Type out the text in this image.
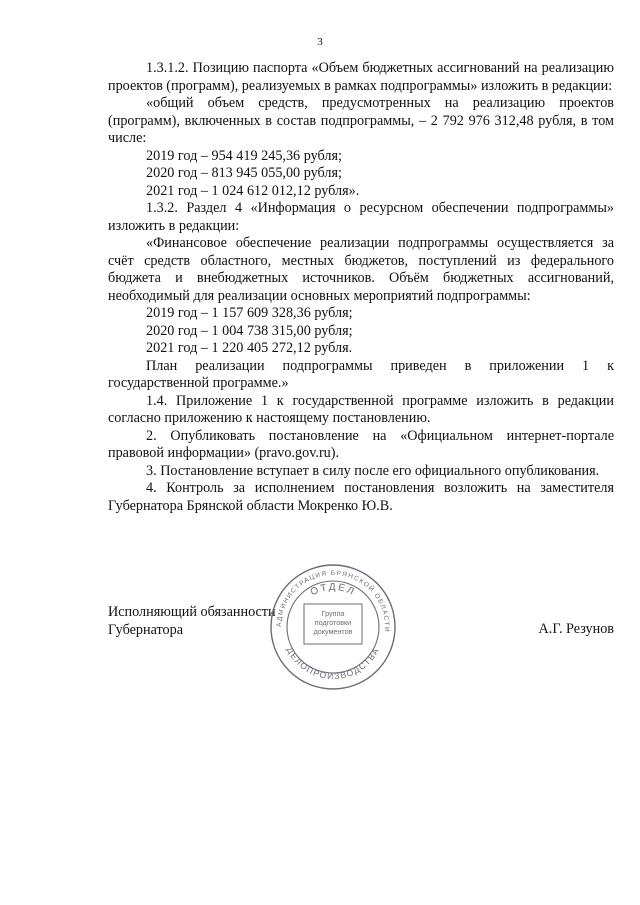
3

1.3.1.2. Позицию паспорта «Объем бюджетных ассигнований на реализацию проектов (программ), реализуемых в рамках подпрограммы» изложить в редакции:

«общий объем средств, предусмотренных на реализацию проектов (программ), включенных в состав подпрограммы, – 2 792 976 312,48 рубля, в том числе:

2019 год – 954 419 245,36 рубля;

2020 год – 813 945 055,00 рубля;

2021 год – 1 024 612 012,12 рубля».

1.3.2. Раздел 4 «Информация о ресурсном обеспечении подпрограммы» изложить в редакции:

«Финансовое обеспечение реализации подпрограммы осуществляется за счёт средств областного, местных бюджетов, поступлений из федерального бюджета и внебюджетных источников. Объём бюджетных ассигнований, необходимый для реализации основных мероприятий подпрограммы:

2019 год – 1 157 609 328,36 рубля;

2020 год – 1 004 738 315,00 рубля;

2021 год – 1 220 405 272,12 рубля.

План реализации подпрограммы приведен в приложении 1 к государственной программе.»

1.4. Приложение 1 к государственной программе изложить в редакции согласно приложению к настоящему постановлению.

2. Опубликовать постановление на «Официальном интернет-портале правовой информации» (pravo.gov.ru).

3. Постановление вступает в силу после его официального опубликования.

4. Контроль за исполнением постановления возложить на заместителя Губернатора Брянской области Мокренко Ю.В.

Исполняющий обязанности
Губернатора	А.Г. Резунов
АДМИНИСТРАЦИЯ БРЯНСКОЙ ОБЛАСТИ
ОТДЕЛ
Группа
подготовки
документов
ДЕЛОПРОИЗВОДСТВА
